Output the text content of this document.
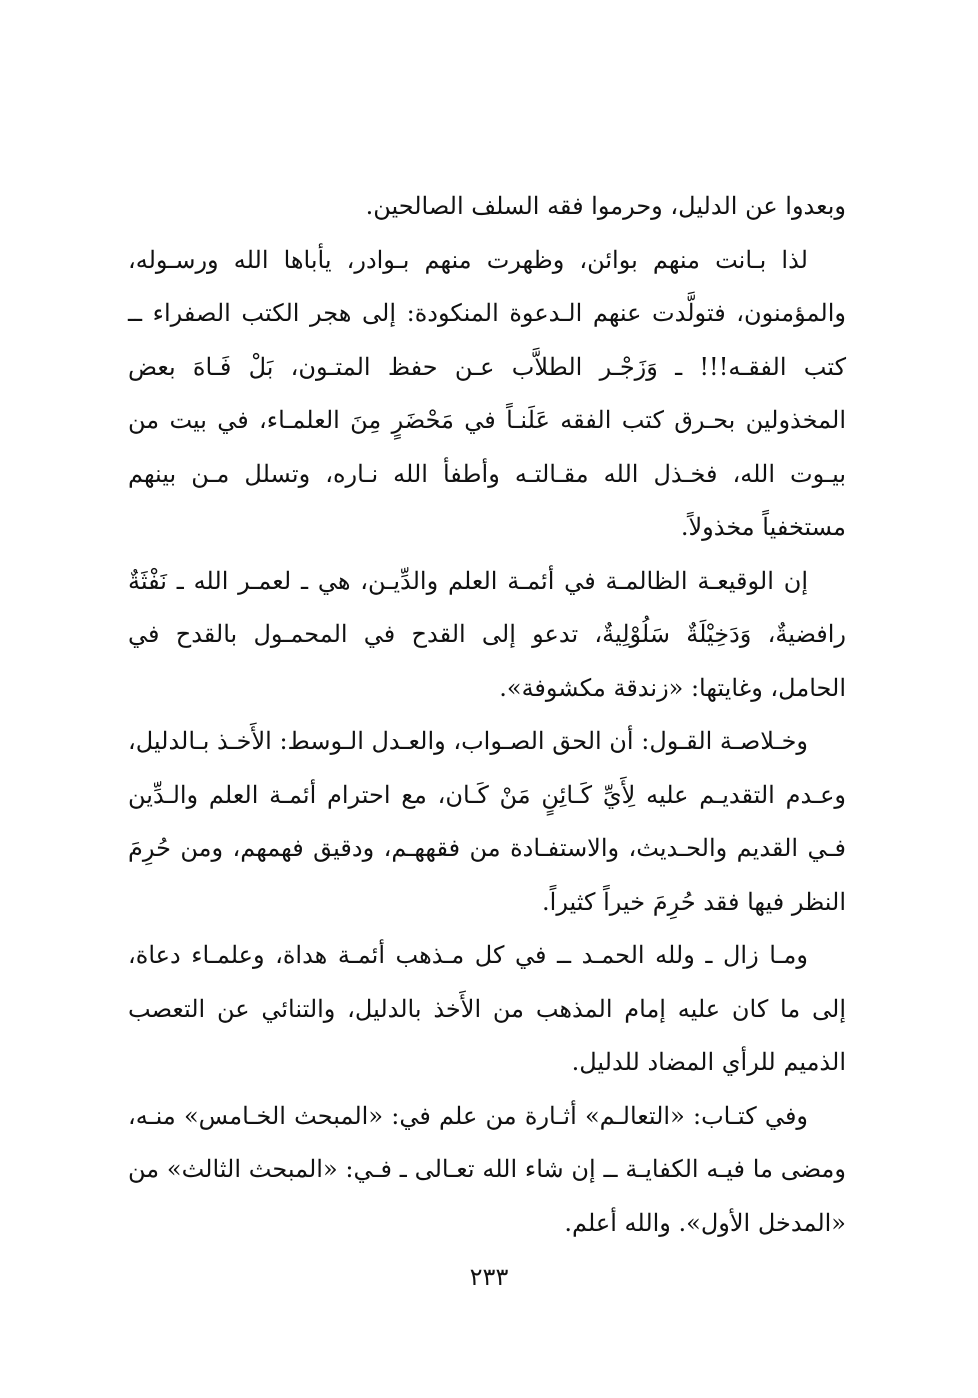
وبعدوا عن الدليل، وحرموا فقه السلف الصالحين.

لذا بـانت منهم بوائن، وظهرت منهم بـوادر، يأباها الله ورسـوله، والمؤمنون، فتولَّدت عنهم الـدعوة المنكودة: إلى هجر الكتب الصفراء ــ كتب الفقـه!!! ـ وَزَجْـر الطلاَّب عـن حفظ المتـون، بَلْ فَـاهَ بعض المخذولين بحـرق كتب الفقه عَلَنـاً في مَحْضَرٍ مِنَ العلمـاء، في بيت من بيـوت الله، فخـذل الله مقـالتـه وأطفأ الله نـاره، وتسلل مـن بينهم مستخفياً مخذولاً.

إن الوقيعـة الظالمـة في أئمـة العلم والدِّيـن، هي ـ لعمـر الله ـ نَفْثَةٌ رافضيةٌ، وَدَخِيْلَةٌ سَلُوْلِيةٌ، تدعو إلى القدح في المحمـول بالقدح في الحامل، وغايتها: «زندقة مكشوفة».

وخـلاصـة القـول: أن الحق الصـواب، والعـدل الـوسط: الأَخـذ بـالدليل، وعـدم التقديـم عليه لِأَيِّ كَـائِنٍ مَنْ كَـان، مع احترام أئمـة العلم والـدِّين فـي القديم والحـديث، والاستفـادة من فقههـم، ودقيق فهمهم، ومن حُرِمَ النظر فيها فقد حُرِمَ خيراً كثيراً.

ومـا زال ـ ولله الحمـد ــ في كل مـذهب أئمـة هداة، وعلمـاء دعاة، إلى ما كان عليه إمام المذهب من الأَخذ بالدليل، والتنائي عن التعصب الذميم للرأي المضاد للدليل.

وفي كتـاب: «التعالـم» أثـارة من علم في: «المبحث الخـامس» منـه، ومضى ما فيـه الكفايـة ــ إن شاء الله تعـالى ـ فـي: «المبحث الثالث» من «المدخل الأول». والله أعلم.

٢٣٣
